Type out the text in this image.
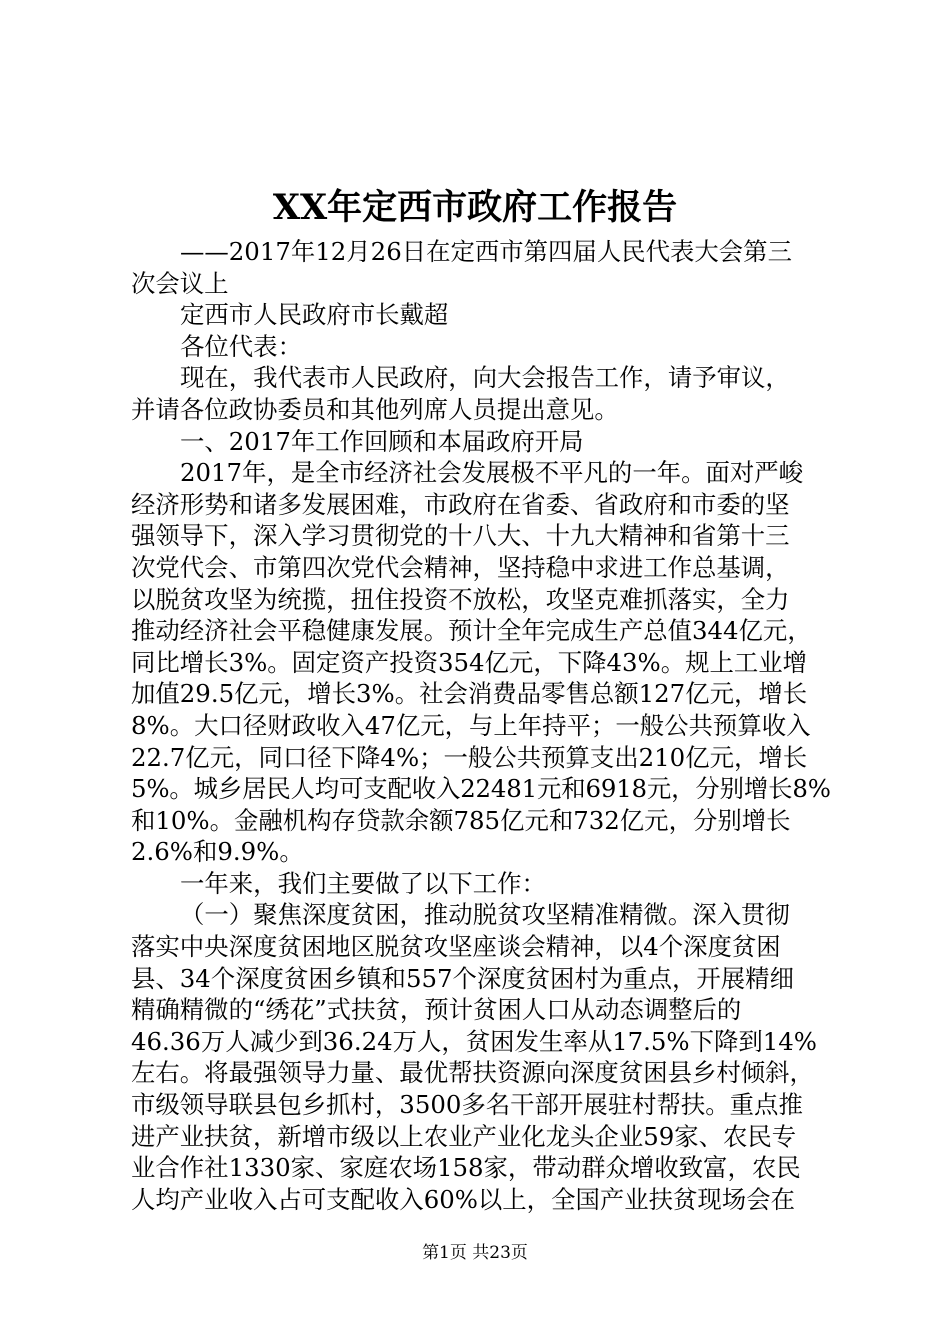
XX年定西市政府工作报告
——2017年12月26日在定西市第四届人民代表大会第三
次会议上
定西市人民政府市长戴超
各位代表：
现在，我代表市人民政府，向大会报告工作，请予审议，
并请各位政协委员和其他列席人员提出意见。
一、2017年工作回顾和本届政府开局
2017年，是全市经济社会发展极不平凡的一年。面对严峻
经济形势和诸多发展困难，市政府在省委、省政府和市委的坚
强领导下，深入学习贯彻党的十八大、十九大精神和省第十三
次党代会、市第四次党代会精神，坚持稳中求进工作总基调，
以脱贫攻坚为统揽，扭住投资不放松，攻坚克难抓落实，全力
推动经济社会平稳健康发展。预计全年完成生产总值344亿元，
同比增长3%。固定资产投资354亿元，下降43%。规上工业增
加值29.5亿元，增长3%。社会消费品零售总额127亿元，增长
8%。大口径财政收入47亿元，与上年持平；一般公共预算收入
22.7亿元，同口径下降4%；一般公共预算支出210亿元，增长
5%。城乡居民人均可支配收入22481元和6918元，分别增长8%
和10%。金融机构存贷款余额785亿元和732亿元，分别增长
2.6%和9.9%。
一年来，我们主要做了以下工作：
（一）聚焦深度贫困，推动脱贫攻坚精准精微。深入贯彻
落实中央深度贫困地区脱贫攻坚座谈会精神，以4个深度贫困
县、34个深度贫困乡镇和557个深度贫困村为重点，开展精细
精确精微的“绣花”式扶贫，预计贫困人口从动态调整后的
46.36万人减少到36.24万人，贫困发生率从17.5%下降到14%
左右。将最强领导力量、最优帮扶资源向深度贫困县乡村倾斜，
市级领导联县包乡抓村，3500多名干部开展驻村帮扶。重点推
进产业扶贫，新增市级以上农业产业化龙头企业59家、农民专
业合作社1330家、家庭农场158家，带动群众增收致富，农民
人均产业收入占可支配收入60%以上，全国产业扶贫现场会在
第1页 共23页
